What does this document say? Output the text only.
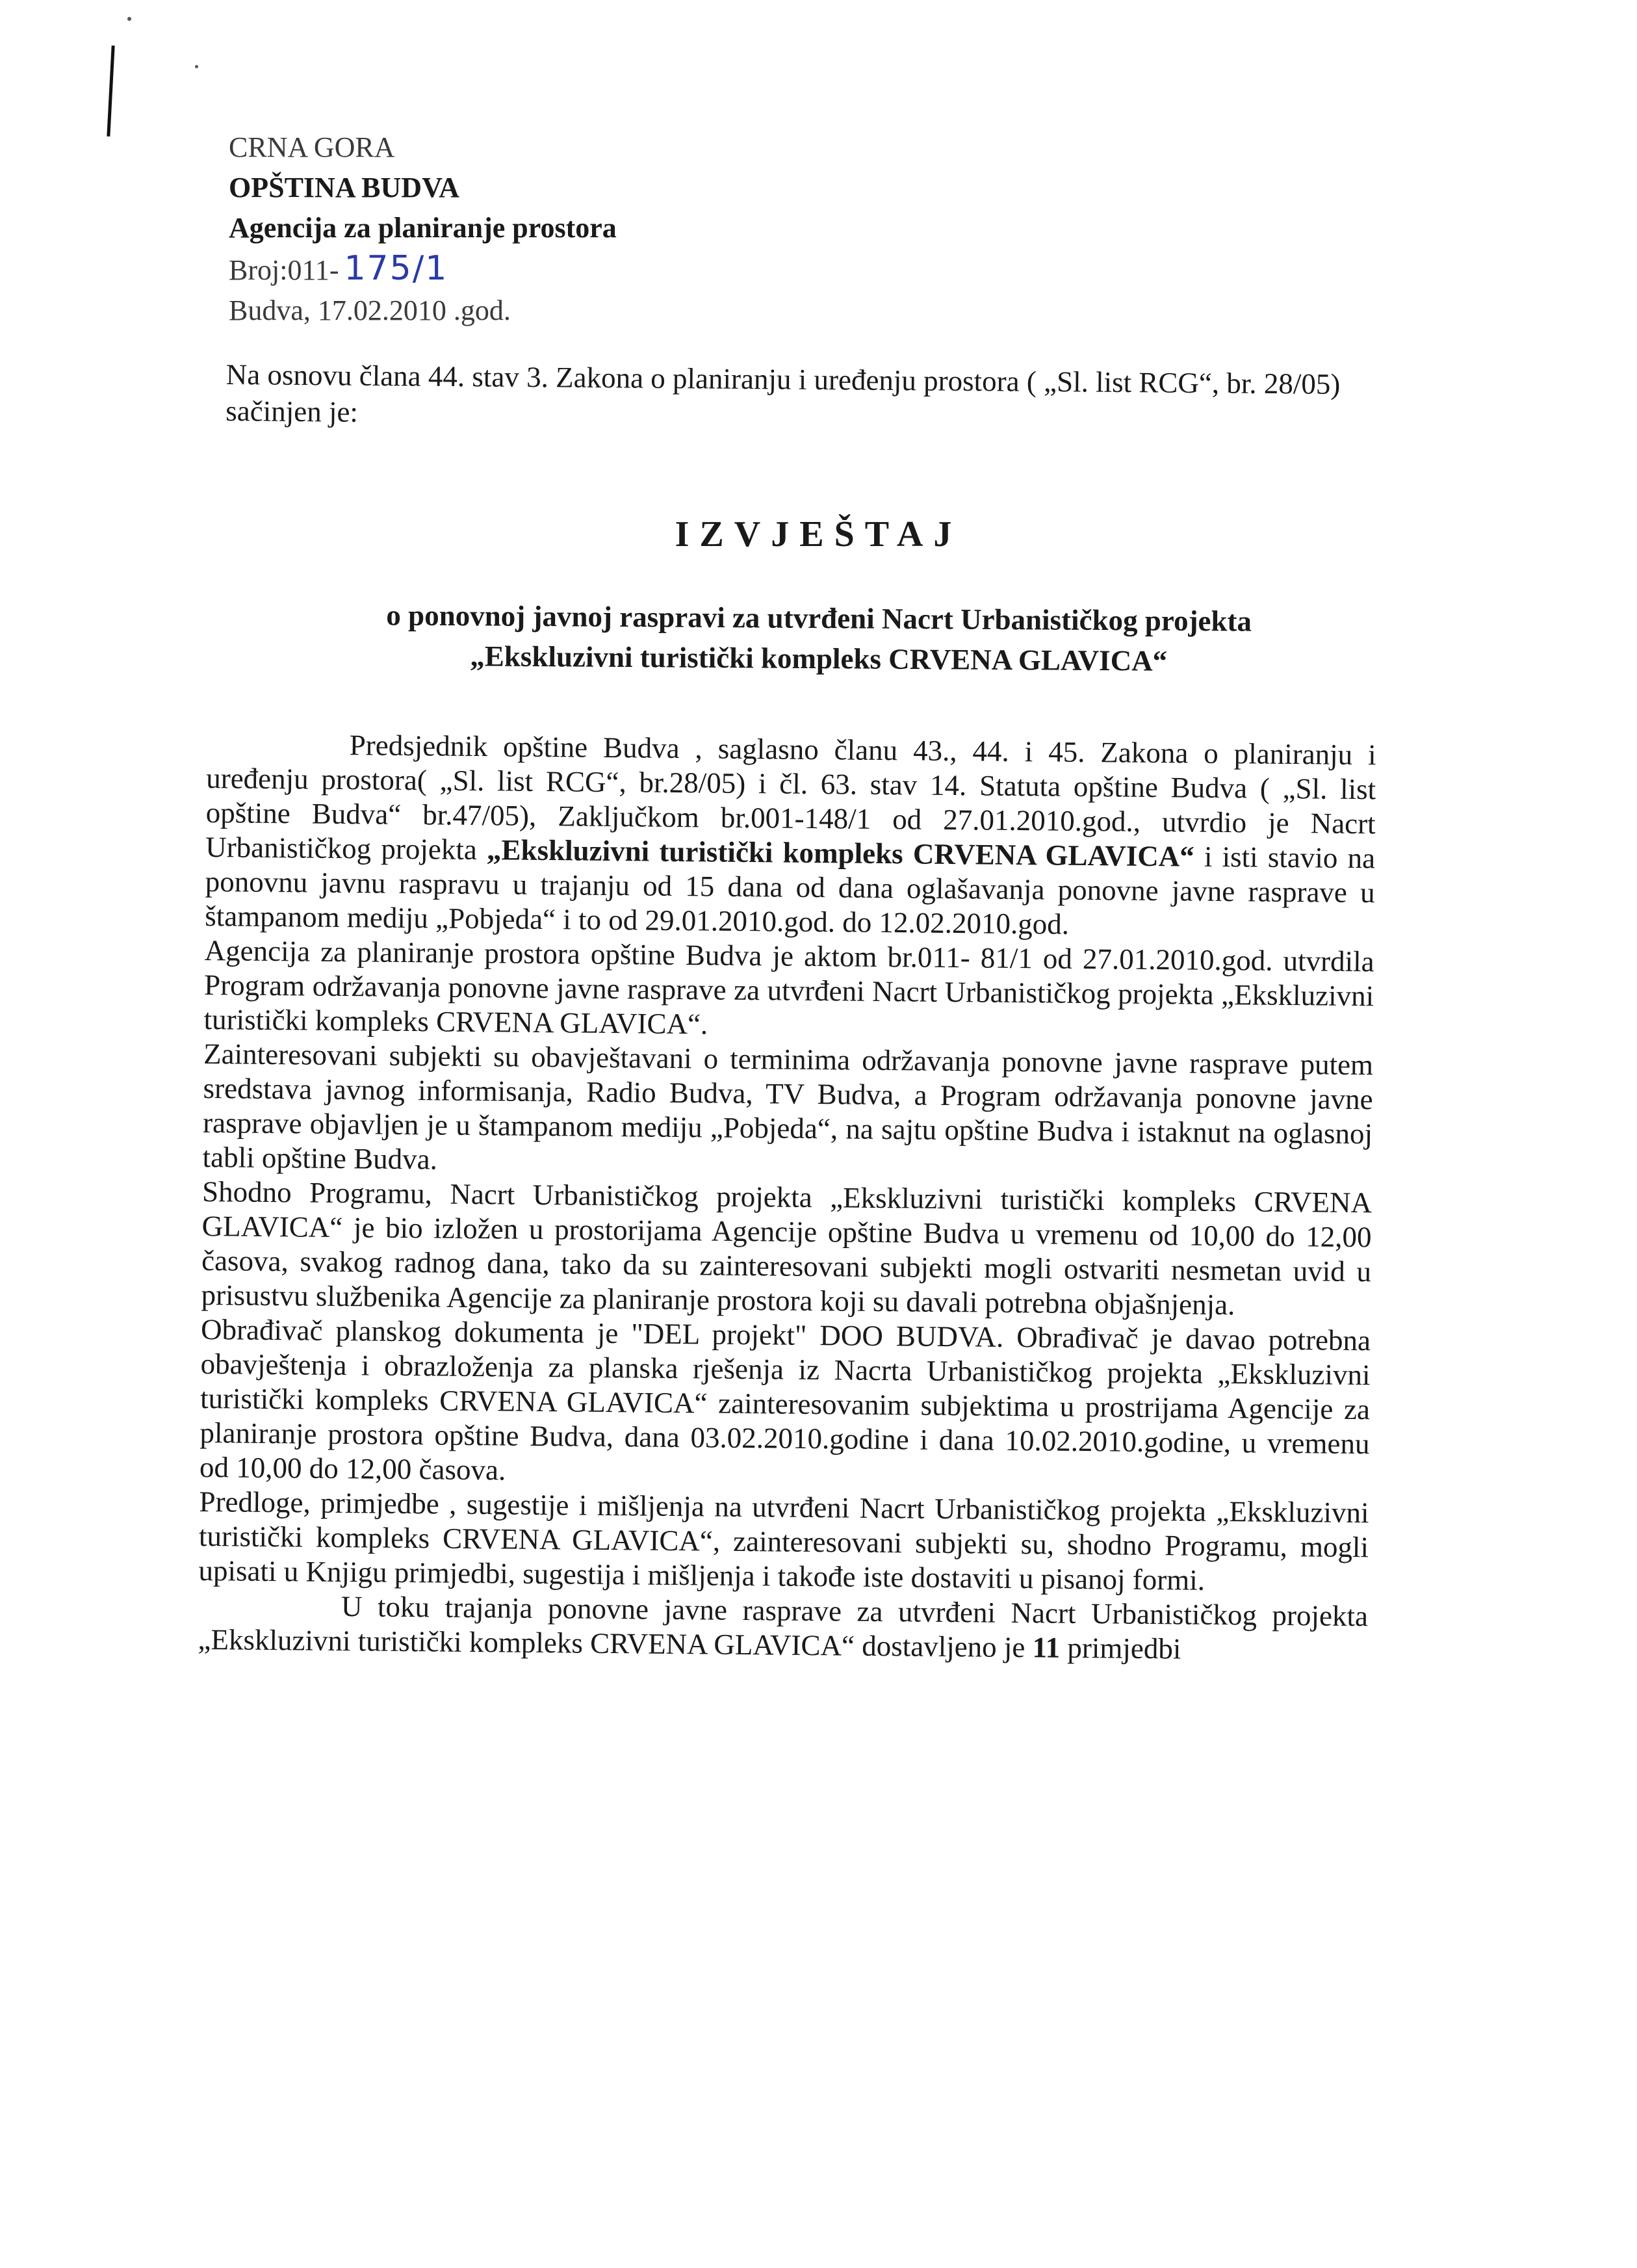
CRNA GORA
OPŠTINA BUDVA
Agencija za planiranje prostora
Broj:011- 175/1
Budva, 17.02.2010 .god.
Na osnovu člana 44. stav 3. Zakona o planiranju i uređenju prostora ( „Sl. list RCG“, br. 28/05) sačinjen je:
IZVJEŠTAJ
o ponovnoj javnoj raspravi za utvrđeni Nacrt Urbanističkog projekta
„Ekskluzivni turistički kompleks CRVENA GLAVICA“

Predsjednik opštine Budva , saglasno članu 43., 44. i 45. Zakona o planiranju i uređenju prostora( „Sl. list RCG“, br.28/05) i čl. 63. stav 14. Statuta opštine Budva ( „Sl. list opštine Budva“ br.47/05), Zaključkom br.001-148/1 od 27.01.2010.god., utvrdio je Nacrt Urbanističkog projekta „Ekskluzivni turistički kompleks CRVENA GLAVICA“ i isti stavio na ponovnu javnu raspravu u trajanju od 15 dana od dana oglašavanja ponovne javne rasprave u štampanom mediju „Pobjeda“ i to od 29.01.2010.god. do 12.02.2010.god.

Agencija za planiranje prostora opštine Budva je aktom br.011- 81/1 od 27.01.2010.god. utvrdila Program održavanja ponovne javne rasprave za utvrđeni Nacrt Urbanističkog projekta „Ekskluzivni turistički kompleks CRVENA GLAVICA“.

Zainteresovani subjekti su obavještavani o terminima održavanja ponovne javne rasprave putem sredstava javnog informisanja, Radio Budva, TV Budva, a Program održavanja ponovne javne rasprave objavljen je u štampanom mediju „Pobjeda“, na sajtu opštine Budva i istaknut na oglasnoj tabli opštine Budva.

Shodno Programu, Nacrt Urbanističkog projekta „Ekskluzivni turistički kompleks CRVENA GLAVICA“ je bio izložen u prostorijama Agencije opštine Budva u vremenu od 10,00 do 12,00 časova, svakog radnog dana, tako da su zainteresovani subjekti mogli ostvariti nesmetan uvid u prisustvu službenika Agencije za planiranje prostora koji su davali potrebna objašnjenja.

Obrađivač planskog dokumenta je "DEL projekt" DOO BUDVA. Obrađivač je davao potrebna obavještenja i obrazloženja za planska rješenja iz Nacrta Urbanističkog projekta „Ekskluzivni turistički kompleks CRVENA GLAVICA“ zainteresovanim subjektima u prostrijama Agencije za planiranje prostora opštine Budva, dana 03.02.2010.godine i dana 10.02.2010.godine, u vremenu od 10,00 do 12,00 časova.

Predloge, primjedbe , sugestije i mišljenja na utvrđeni Nacrt Urbanističkog projekta „Ekskluzivni turistički kompleks CRVENA GLAVICA“, zainteresovani subjekti su, shodno Programu, mogli upisati u Knjigu primjedbi, sugestija i mišljenja i takođe iste dostaviti u pisanoj formi.

U toku trajanja ponovne javne rasprave za utvrđeni Nacrt Urbanističkog projekta „Ekskluzivni turistički kompleks CRVENA GLAVICA“ dostavljeno je 11 primjedbi
